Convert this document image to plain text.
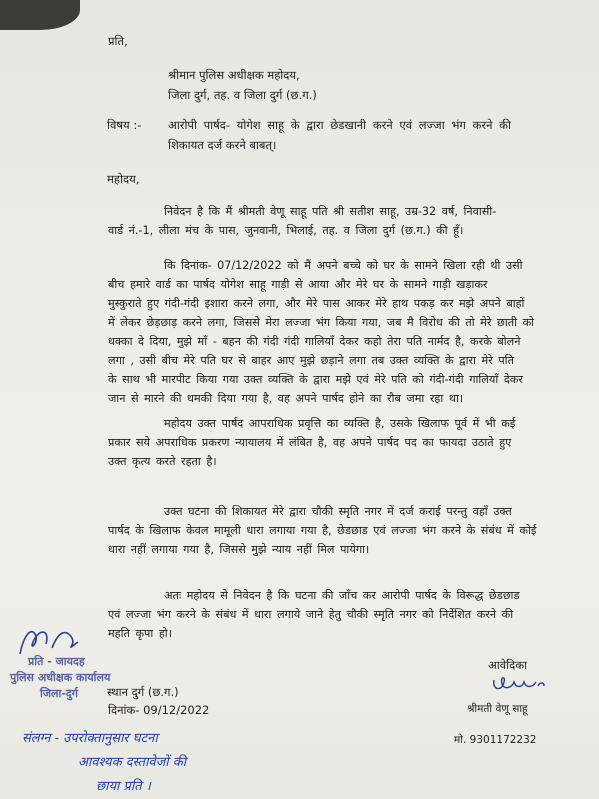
प्रति,
श्रीमान पुलिस अधीक्षक महोदय,
जिला दुर्ग, तह. व जिला दुर्ग (छ.ग.)
विषय :- आरोपी पार्षद- योगेश साहू के द्वारा छेडखानी करने एवं लज्जा भंग करने की
शिकायत दर्ज करने बाबत्।
महोदय,
निवेदन है कि मैं श्रीमती वेणू साहू पति श्री सतीश साहू, उम्र-32 वर्ष, निवासी-
वार्ड नं.-1, लीला मंच के पास, जुनवानी, भिलाई, तह. व जिला दुर्ग (छ.ग.) की हूँ।
कि दिनांक- 07/12/2022 को मैं अपने बच्चे को घर के सामने खिला रही थी उसी
बीच हमारे वार्ड का पार्षद योगेश साहू गाड़ी से आया और मेरे घर के सामने गाड़ी खड़ाकर
मुस्कुराते हुए गंदी-गंदी इशारा करने लगा, और मेरे पास आकर मेरे हाथ पकड़ कर मझे अपने बाहों
में लेकर छेड़छाड़ करने लगा, जिससे मेरा लज्जा भंग किया गया, जब मै विरोध की तो मेरे छाती को
धक्का दे दिया, मुझे माँ - बहन की गंदी गंदी गालियाँ देकर कहो तेरा पति नार्मद है, करके बोलने
लगा , उसी बीच मेरे पति घर से बाहर आए मुझे छड़ाने लगा तब उक्त व्यक्ति के द्वारा मेरे पति
के साथ भी मारपीट किया गया उक्त व्यक्ति के द्वारा मझे एवं मेरे पति को गंदी-गंदी गालियाँ देकर
जान से मारने की धमकी दिया गया है, वह अपने पार्षद होने का रौब जमा रहा था।
महोदय उक्त पार्षद आपराधिक प्रवृत्ति का व्यक्ति है, उसके खिलाफ पूर्व में भी कई
प्रकार सये अपराधिक प्रकरण न्यायालय में लंबित है, वह अपने पार्षद पद का फायदा उठाते हुए
उक्त कृत्य करते रहता है।
उक्त घटना की शिकायत मेरे द्वारा चौकी स्मृति नगर में दर्ज कराई परन्तु वहाँ उक्त
पार्षद के खिलाफ केवल मामूली धारा लगाया गया है, छेडछाड एवं लज्जा भंग करने के संबंध में कोई
धारा नहीं लगाया गया है, जिससे मुझे न्याय नहीं मिल पायेगा।
अतः महोदय से निवेदन है कि घटना की जाँच कर आरोपी पार्षद के विरूद्ध छेडछाड
एवं लज्जा भंग करने के संबंध में धारा लगाये जाने हेतु चौकी स्मृति नगर को निर्देशित करने की
महति कृपा हो।
प्रति - जायदह
पुलिस अधीक्षक कार्यालय
जिला-दुर्ग	स्थान दुर्ग (छ.ग.)
दिनांक- 09/12/2022
आवेदिका
श्रीमती वेणू साहू
मो. 9301172232
संलग्न - उपरोक्तानुसार घटना
आवश्यक दस्तावेजों की
छाया प्रति ।
